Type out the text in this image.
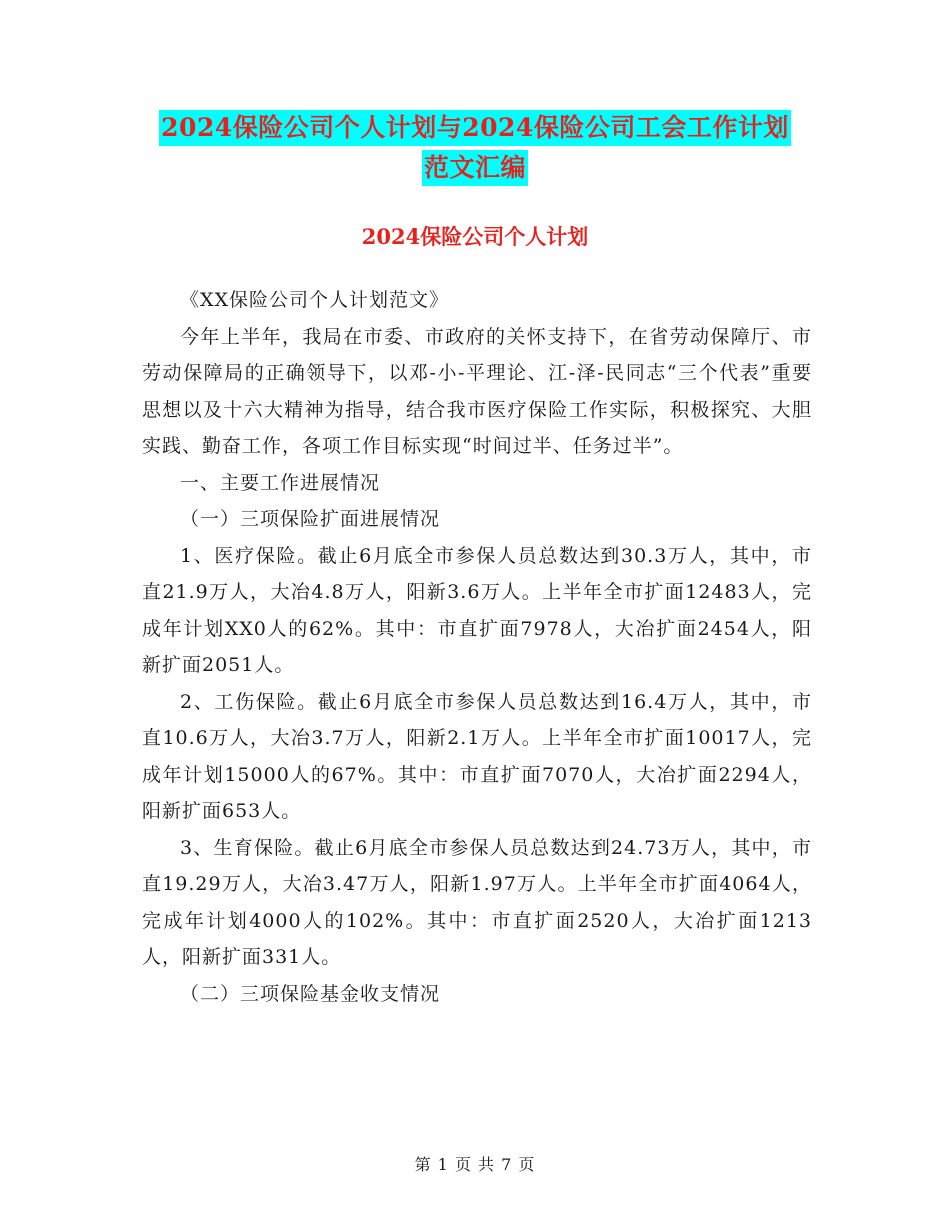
2024保险公司个人计划与2024保险公司工会工作计划
范文汇编
2024保险公司个人计划

《XX保险公司个人计划范文》

今年上半年，我局在市委、市政府的关怀支持下，在省劳动保障厅、市劳动保障局的正确领导下，以邓-小-平理论、江-泽-民同志“三个代表”重要思想以及十六大精神为指导，结合我市医疗保险工作实际，积极探究、大胆实践、勤奋工作，各项工作目标实现“时间过半、任务过半”。

一、主要工作进展情况

（一）三项保险扩面进展情况

1、医疗保险。截止6月底全市参保人员总数达到30.3万人，其中，市直21.9万人，大冶4.8万人，阳新3.6万人。上半年全市扩面12483人，完成年计划XX0人的62%。其中：市直扩面7978人，大冶扩面2454人，阳新扩面2051人。

2、工伤保险。截止6月底全市参保人员总数达到16.4万人，其中，市直10.6万人，大冶3.7万人，阳新2.1万人。上半年全市扩面10017人，完成年计划15000人的67%。其中：市直扩面7070人，大冶扩面2294人，阳新扩面653人。

3、生育保险。截止6月底全市参保人员总数达到24.73万人，其中，市直19.29万人，大冶3.47万人，阳新1.97万人。上半年全市扩面4064人，完成年计划4000人的102%。其中：市直扩面2520人，大冶扩面1213人，阳新扩面331人。

（二）三项保险基金收支情况

第 1 页 共 7 页
